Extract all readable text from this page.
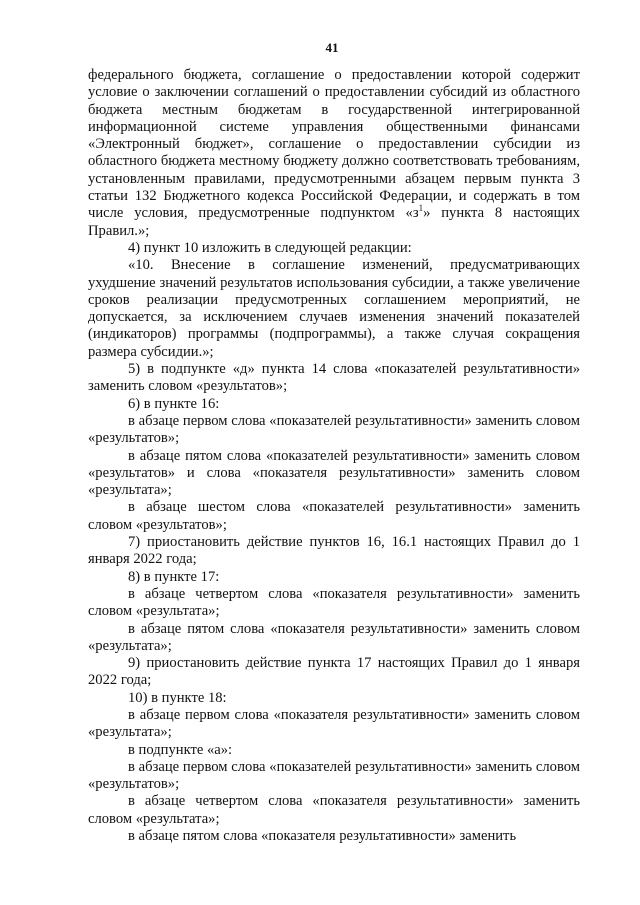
41

федерального бюджета, соглашение о предоставлении которой содержит условие о заключении соглашений о предоставлении субсидий из областного бюджета местным бюджетам в государственной интегрированной информационной системе управления общественными финансами «Электронный бюджет», соглашение о предоставлении субсидии из областного бюджета местному бюджету должно соответствовать требованиям, установленным правилами, предусмотренными абзацем первым пункта 3 статьи 132 Бюджетного кодекса Российской Федерации, и содержать в том числе условия, предусмотренные подпунктом «$з^1$» пункта 8 настоящих Правил.»;

4) пункт 10 изложить в следующей редакции:

«10. Внесение в соглашение изменений, предусматривающих ухудшение значений результатов использования субсидии, а также увеличение сроков реализации предусмотренных соглашением мероприятий, не допускается, за исключением случаев изменения значений показателей (индикаторов) программы (подпрограммы), а также случая сокращения размера субсидии.»;

5) в подпункте «д» пункта 14 слова «показателей результативности» заменить словом «результатов»;

6) в пункте 16:

в абзаце первом слова «показателей результативности» заменить словом «результатов»;

в абзаце пятом слова «показателей результативности» заменить словом «результатов» и слова «показателя результативности» заменить словом «результата»;

в абзаце шестом слова «показателей результативности» заменить словом «результатов»;

7) приостановить действие пунктов 16, 16.1 настоящих Правил до 1 января 2022 года;

8) в пункте 17:

в абзаце четвертом слова «показателя результативности» заменить словом «результата»;

в абзаце пятом слова «показателя результативности» заменить словом «результата»;

9) приостановить действие пункта 17 настоящих Правил до 1 января 2022 года;

10) в пункте 18:

в абзаце первом слова «показателя результативности» заменить словом «результата»;

в подпункте «а»:

в абзаце первом слова «показателей результативности» заменить словом «результатов»;

в абзаце четвертом слова «показателя результативности» заменить словом «результата»;

в абзаце пятом слова «показателя результативности» заменить
